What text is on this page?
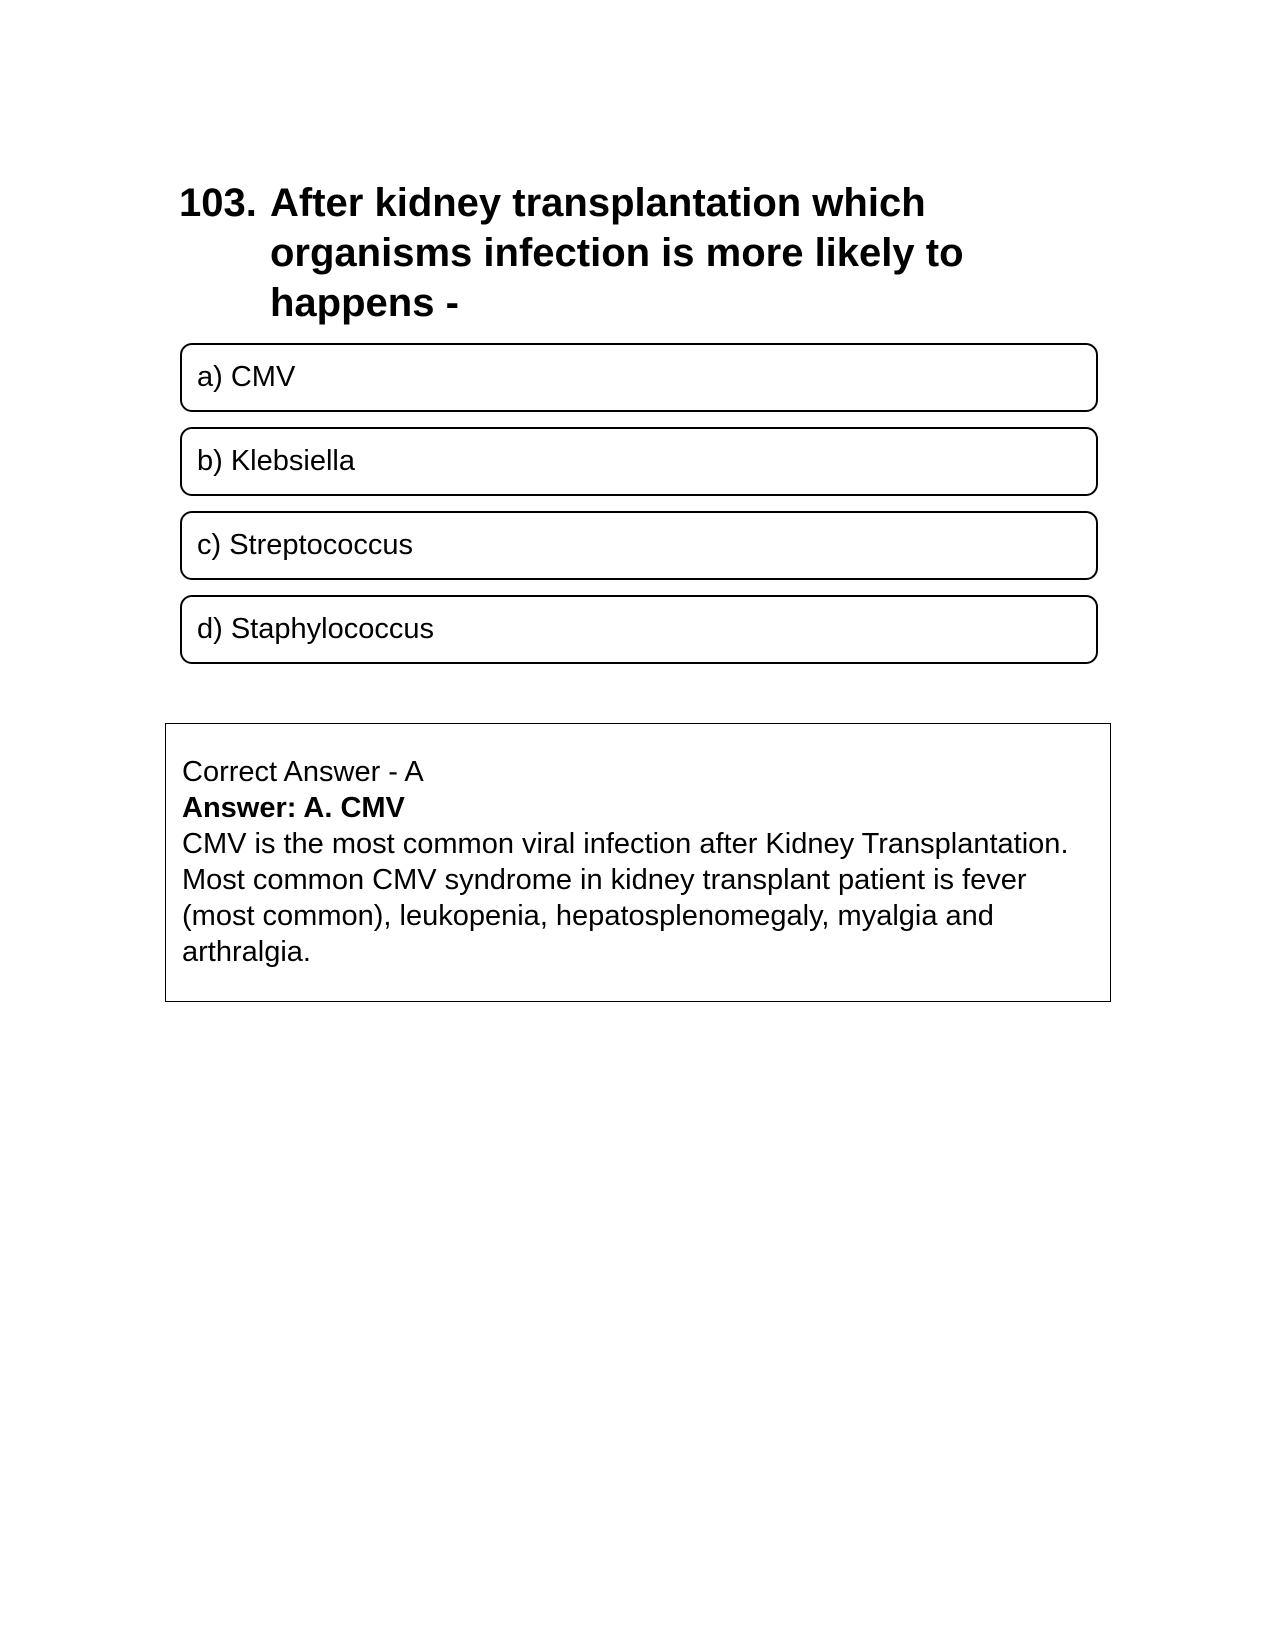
103. After kidney transplantation which organisms infection is more likely to happens -
a) CMV
b) Klebsiella
c) Streptococcus
d) Staphylococcus
Correct Answer - A
Answer: A. CMV
CMV is the most common viral infection after Kidney Transplantation. Most common CMV syndrome in kidney transplant patient is fever (most common), leukopenia, hepatosplenomegaly, myalgia and arthralgia.
